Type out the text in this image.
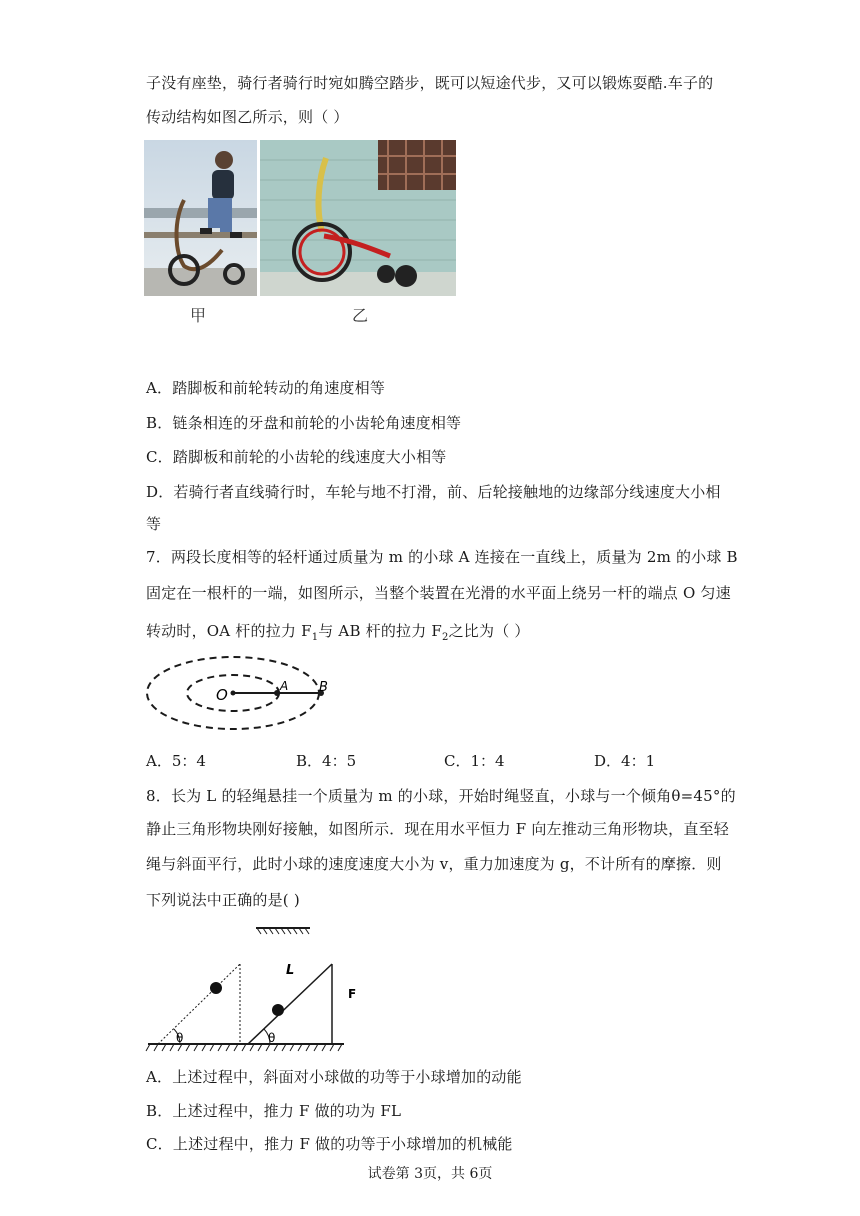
子没有座垫，骑行者骑行时宛如腾空踏步，既可以短途代步，又可以锻炼耍酷.车子的
传动结构如图乙所示，则（ ）
甲	乙
A．踏脚板和前轮转动的角速度相等
B．链条相连的牙盘和前轮的小齿轮角速度相等
C．踏脚板和前轮的小齿轮的线速度大小相等
D．若骑行者直线骑行时，车轮与地不打滑，前、后轮接触地的边缘部分线速度大小相
等
7．两段长度相等的轻杆通过质量为 m 的小球 A 连接在一直线上，质量为 2m 的小球 B
固定在一根杆的一端，如图所示，当整个装置在光滑的水平面上绕另一杆的端点 O 匀速
转动时，OA 杆的拉力 $F_1$与 AB 杆的拉力 $F_2$之比为（ ）
O	A B
A．5：4	B．4：5	C．1：4	D．4：1
8．长为 L 的轻绳悬挂一个质量为 m 的小球，开始时绳竖直，小球与一个倾角θ=45°的
静止三角形物块刚好接触，如图所示．现在用水平恒力 F 向左推动三角形物块，直至轻
绳与斜面平行，此时小球的速度速度大小为 v，重力加速度为 g，不计所有的摩擦．则
下列说法中正确的是( )
θ	θ
L
F
A．上述过程中，斜面对小球做的功等于小球增加的动能
B．上述过程中，推力 F 做的功为 FL
C．上述过程中，推力 F 做的功等于小球增加的机械能
试卷第 3页，共 6页
